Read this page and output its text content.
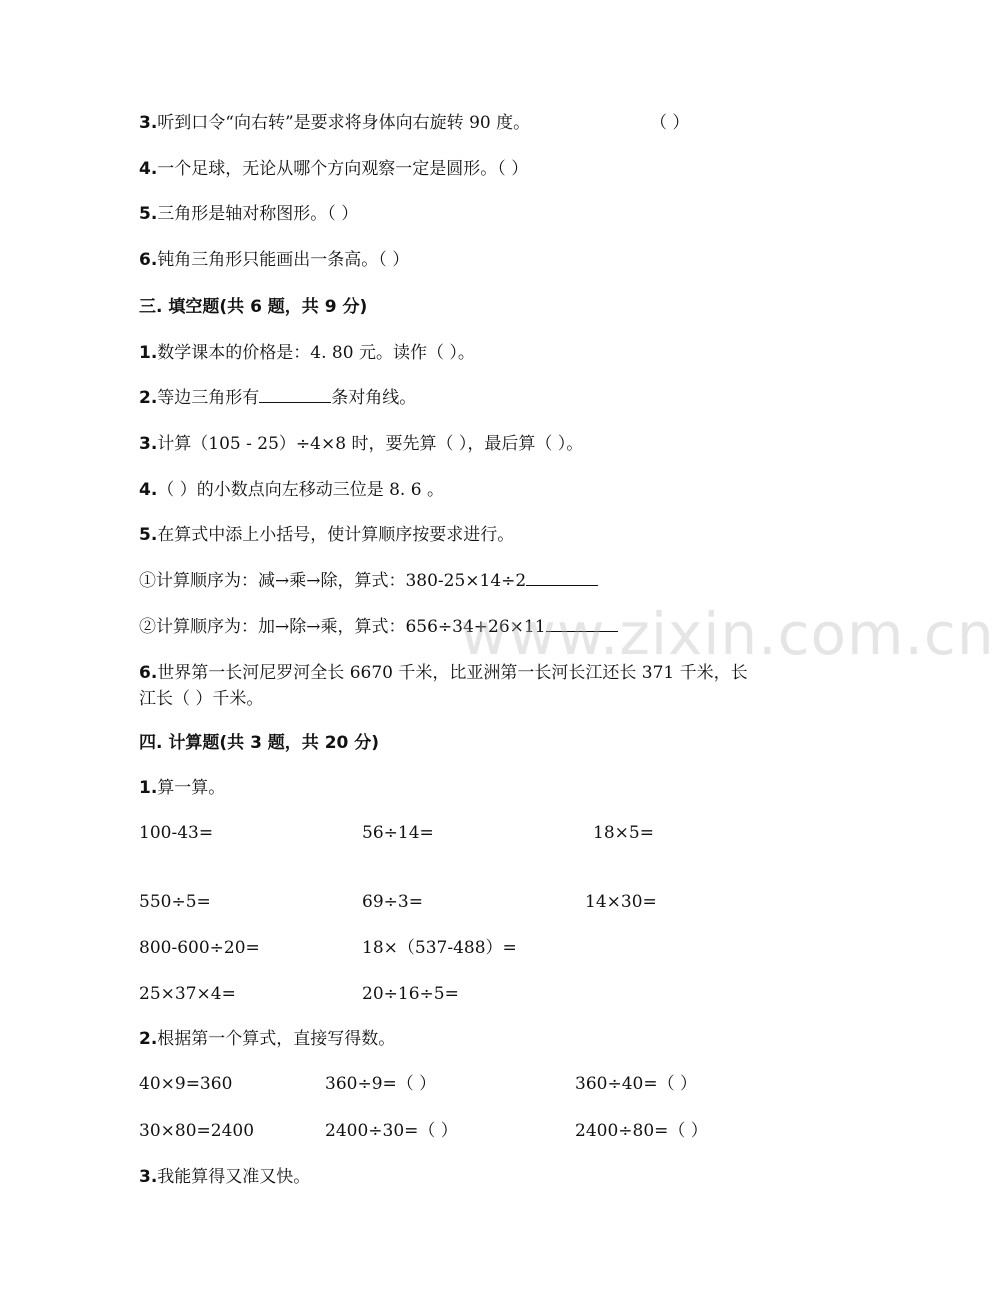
3.听到口令“向右转”是要求将身体向右旋转 90 度。	（ ）
4.一个足球，无论从哪个方向观察一定是圆形。（ ）
5.三角形是轴对称图形。（ ）
6.钝角三角形只能画出一条高。（ ）
三. 填空题(共 6 题，共 9 分)
1.数学课本的价格是：4. 80 元。读作（ ）。
2.等边三角形有	条对角线。
3.计算（105 - 25）÷4×8 时，要先算（ ），最后算（ ）。
4.（ ）的小数点向左移动三位是 8. 6 。
5.在算式中添上小括号，使计算顺序按要求进行。
①计算顺序为：减→乘→除，算式：380-25×14÷2
②计算顺序为：加→除→乘，算式：656÷34+26×11
6.世界第一长河尼罗河全长 6670 千米，比亚洲第一长河长江还长 371 千米，长
江长（ ）千米。
四. 计算题(共 3 题，共 20 分)
1.算一算。
100-43=	56÷14=	18×5=
550÷5=	69÷3=	14×30=
800-600÷20=	18×（537-488）=
25×37×4=	20÷16÷5=
2.根据第一个算式，直接写得数。
40×9=360	360÷9=（ ）	360÷40=（ ）
30×80=2400	2400÷30=（ ）	2400÷80=（ ）
3.我能算得又准又快。
www.zixin.com.cn
